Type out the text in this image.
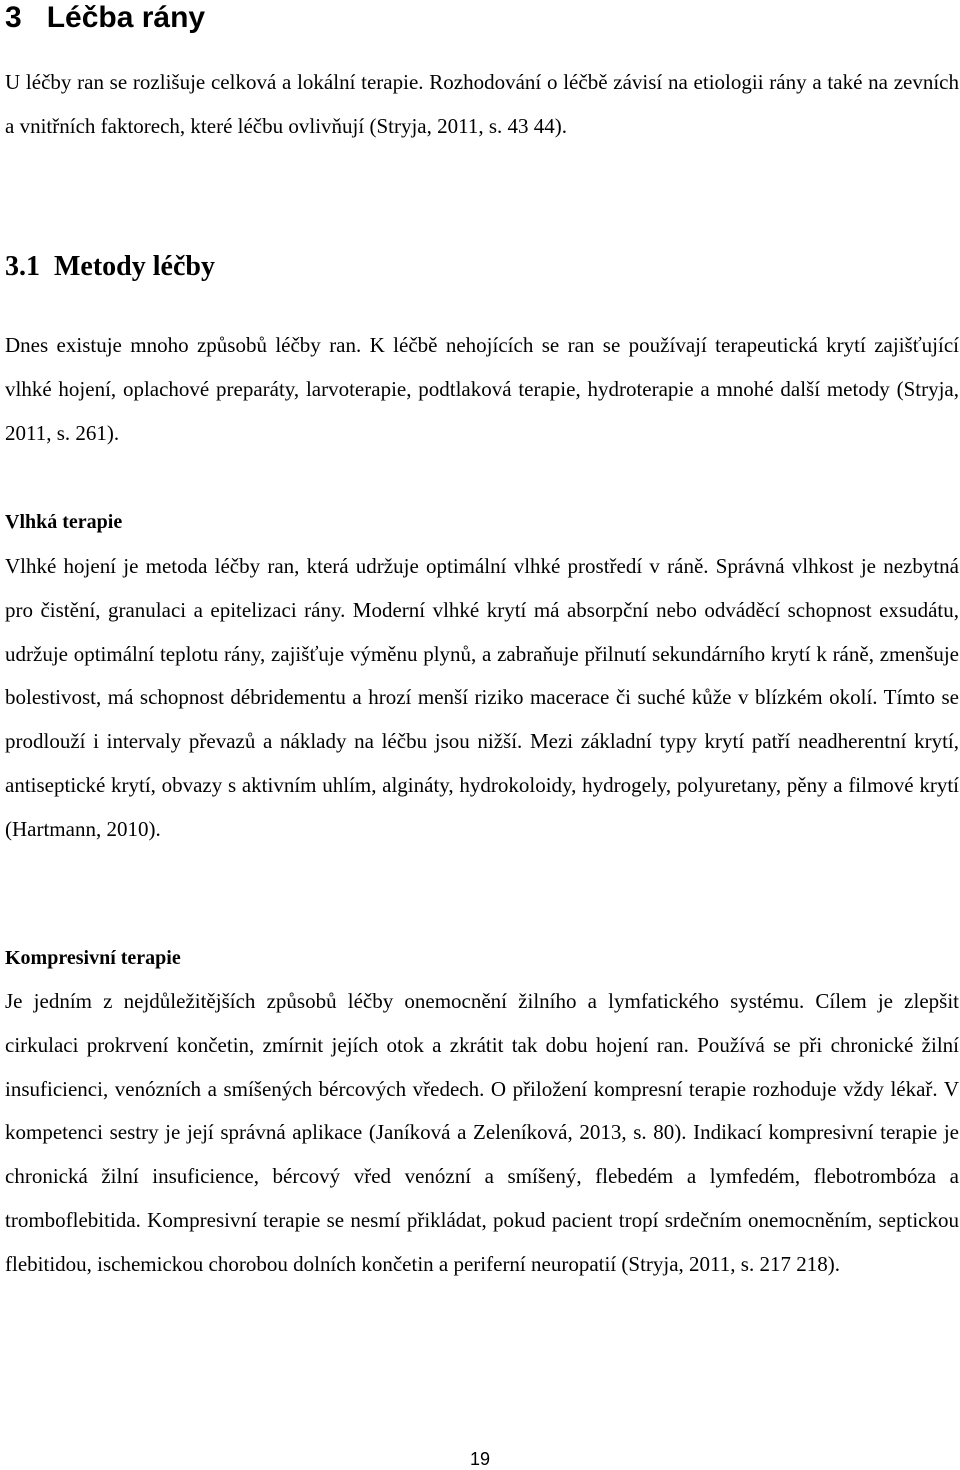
3 Léčba rány

U léčby ran se rozlišuje celková a lokální terapie. Rozhodování o léčbě závisí na etiologii rány a také na zevních a vnitřních faktorech, které léčbu ovlivňují (Stryja, 2011, s. 43 44).

3.1 Metody léčby

Dnes existuje mnoho způsobů léčby ran. K léčbě nehojících se ran se používají terapeutická krytí zajišťující vlhké hojení, oplachové preparáty, larvoterapie, podtlaková terapie, hydroterapie a mnohé další metody (Stryja, 2011, s. 261).

Vlhká terapie

Vlhké hojení je metoda léčby ran, která udržuje optimální vlhké prostředí v ráně. Správná vlhkost je nezbytná pro čistění, granulaci a epitelizaci rány. Moderní vlhké krytí má absorpční nebo odváděcí schopnost exsudátu, udržuje optimální teplotu rány, zajišťuje výměnu plynů, a zabraňuje přilnutí sekundárního krytí k ráně, zmenšuje bolestivost, má schopnost débridementu a hrozí menší riziko macerace či suché kůže v blízkém okolí. Tímto se prodlouží i intervaly převazů a náklady na léčbu jsou nižší. Mezi základní typy krytí patří neadherentní krytí, antiseptické krytí, obvazy s aktivním uhlím, algináty, hydrokoloidy, hydrogely, polyuretany, pěny a filmové krytí (Hartmann, 2010).

Kompresivní terapie

Je jedním z nejdůležitějších způsobů léčby onemocnění žilního a lymfatického systému. Cílem je zlepšit cirkulaci prokrvení končetin, zmírnit jejích otok a zkrátit tak dobu hojení ran. Používá se při chronické žilní insuficienci, venózních a smíšených bércových vředech. O přiložení kompresní terapie rozhoduje vždy lékař. V kompetenci sestry je její správná aplikace (Janíková a Zeleníková, 2013, s. 80). Indikací kompresivní terapie je chronická žilní insuficience, bércový vřed venózní a smíšený, flebedém a lymfedém, flebotrombóza a tromboflebitida. Kompresivní terapie se nesmí přikládat, pokud pacient tropí srdečním onemocněním, septickou flebitidou, ischemickou chorobou dolních končetin a periferní neuropatií (Stryja, 2011, s. 217 218).

19
